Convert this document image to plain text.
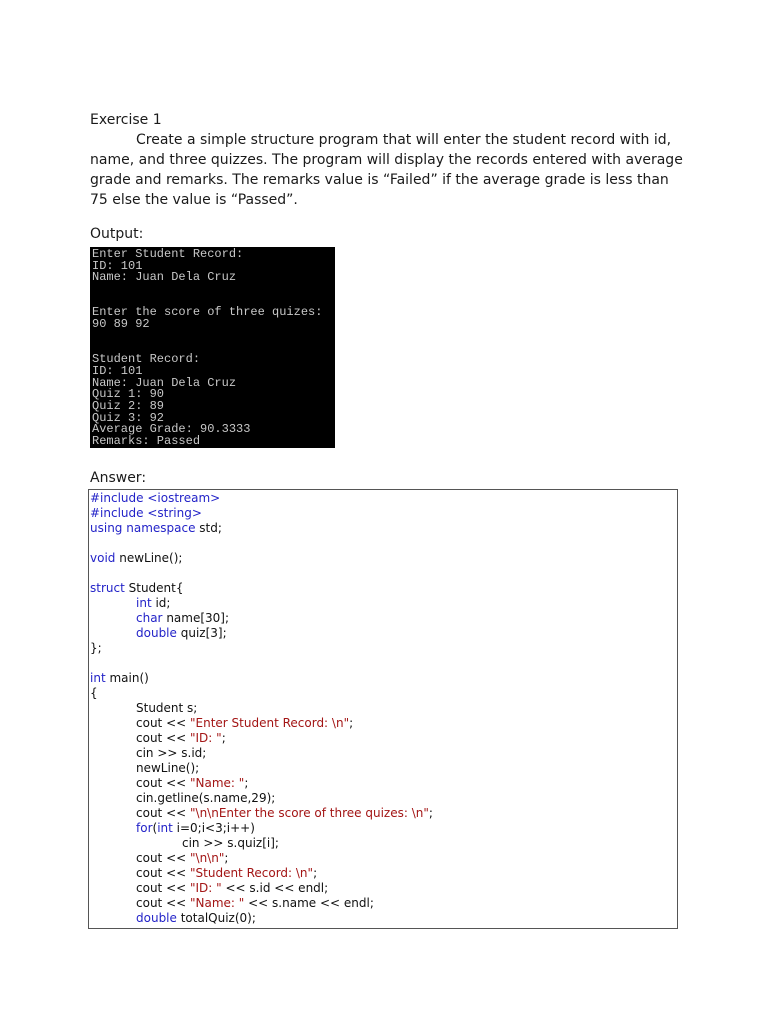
Exercise 1
Create a simple structure program that will enter the student record with id,
name, and three quizzes. The program will display the records entered with average
grade and remarks. The remarks value is “Failed” if the average grade is less than
75 else the value is “Passed”.
Output:
Enter Student Record:
ID: 101
Name: Juan Dela Cruz
Enter the score of three quizes:
90 89 92
Student Record:
ID: 101
Name: Juan Dela Cruz
Quiz 1: 90
Quiz 2: 89
Quiz 3: 92
Average Grade: 90.3333
Remarks: Passed
Answer:
#include <iostream>
#include <string>
using namespace std;
void newLine();
struct Student{
int id;
char name[30];
double quiz[3];
};
int main()
{
Student s;
cout << "Enter Student Record: \n";
cout << "ID: ";
cin >> s.id;
newLine();
cout << "Name: ";
cin.getline(s.name,29);
cout << "\n\nEnter the score of three quizes: \n";
for(int i=0;i<3;i++)
cin >> s.quiz[i];
cout << "\n\n";
cout << "Student Record: \n";
cout << "ID: " << s.id << endl;
cout << "Name: " << s.name << endl;
double totalQuiz(0);
